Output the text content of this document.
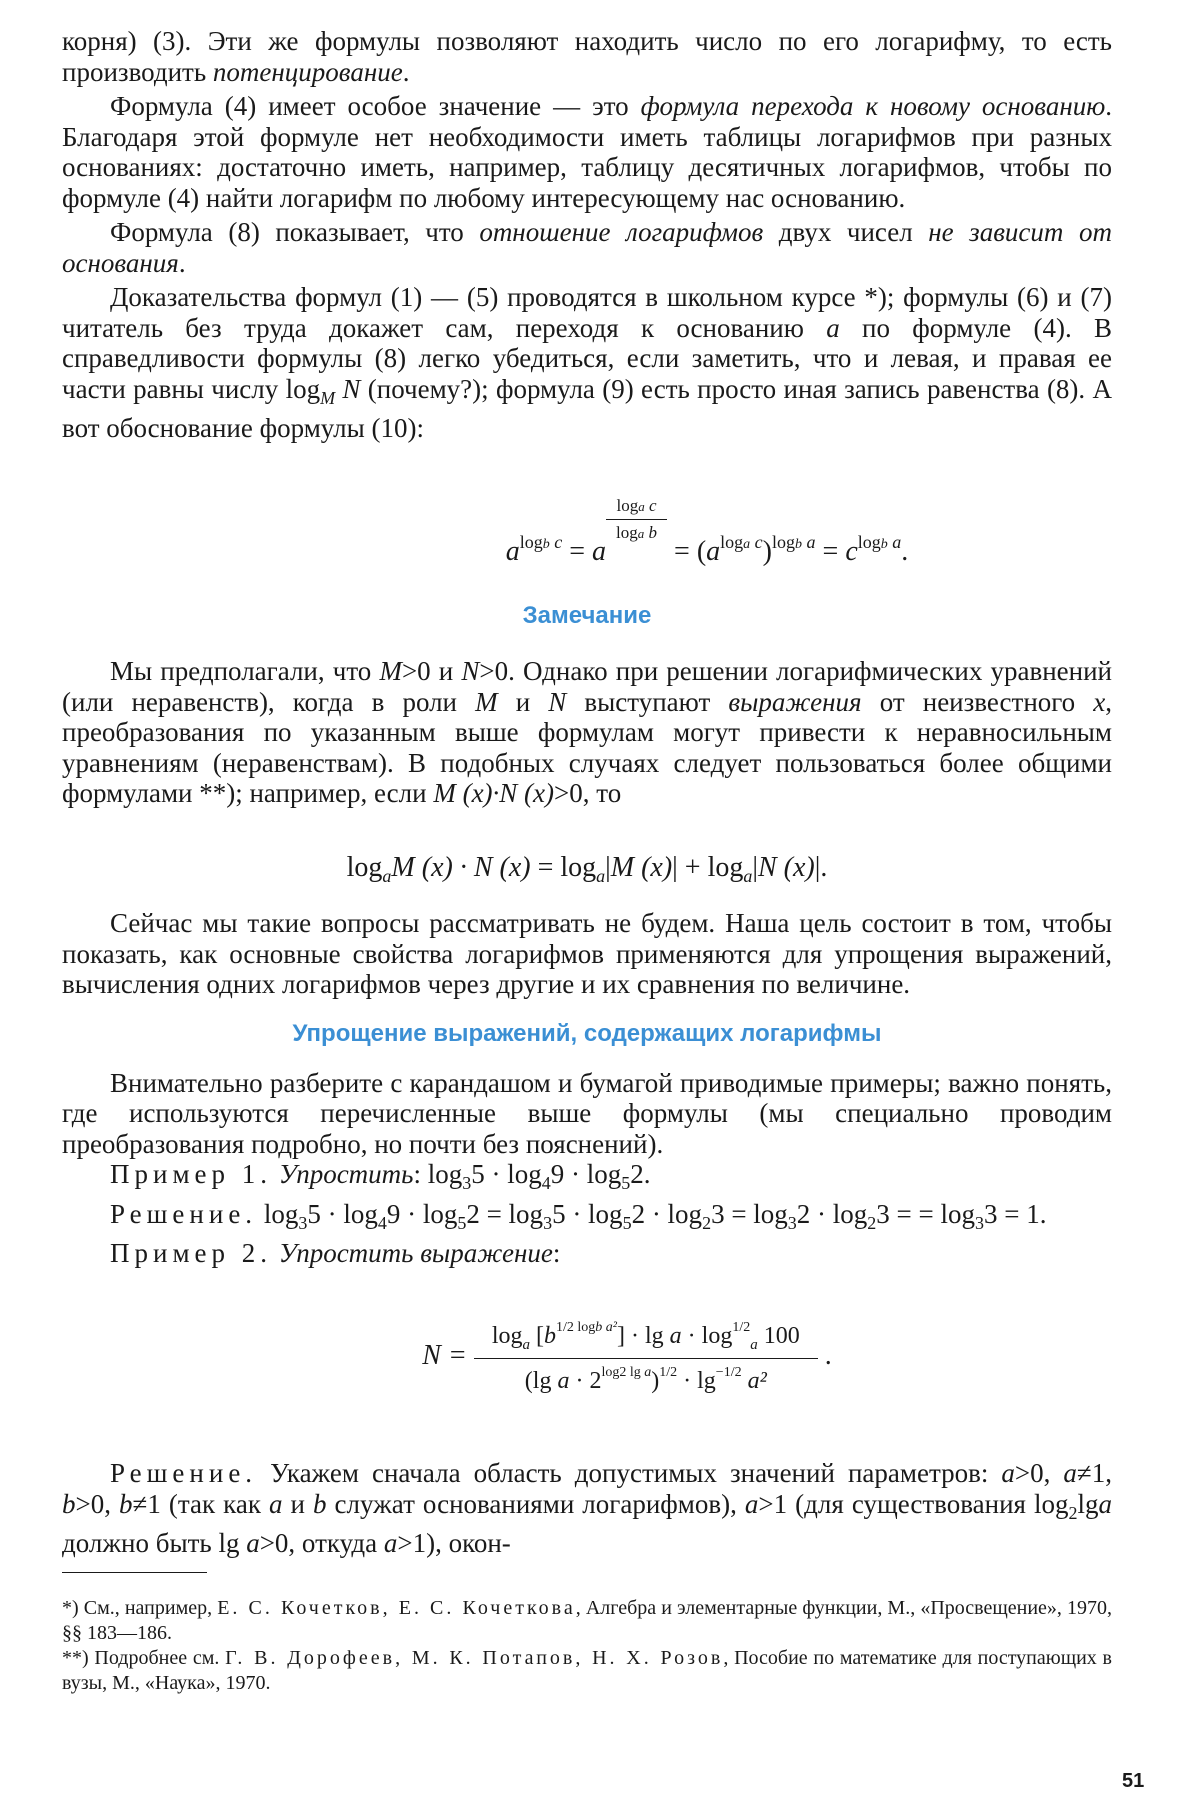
корня) (3). Эти же формулы позволяют находить число по его логарифму, то есть производить потенцирование.

Формула (4) имеет особое значение — это формула перехода к новому основанию. Благодаря этой формуле нет необходимости иметь таблицы логарифмов при разных основаниях: достаточно иметь, например, таблицу десятичных логарифмов, чтобы по формуле (4) найти логарифм по любому интересующему нас основанию.

Формула (8) показывает, что отношение логарифмов двух чисел не зависит от основания.

Доказательства формул (1) — (5) проводятся в школьном курсе *); формулы (6) и (7) читатель без труда докажет сам, переходя к основанию a по формуле (4). В справедливости формулы (8) легко убедиться, если заметить, что и левая, и правая ее части равны числу $\log_M N$ (почему?); формула (9) есть просто иная запись равенства (8). А вот обоснование формулы (10):

$a^{logb c} = a$
$\frac{\text{loga c}}{\text{loga b}}$
= $(a^{loga c})^{logb a} = c^{logb a}$.
Замечание

Мы предполагали, что M>0 и N>0. Однако при решении логарифмических уравнений (или неравенств), когда в роли M и N выступают выражения от неизвестного x, преобразования по указанным выше формулам могут привести к неравносильным уравнениям (неравенствам). В подобных случаях следует пользоваться более общими формулами **); например, если M (x)·N (x)>0, то

$\log_aM$ (x) · N $(x) = \log_a|M$ $(x)| + \log_a|N$ (x)|.

Сейчас мы такие вопросы рассматривать не будем. Наша цель состоит в том, чтобы показать, как основные свойства логарифмов применяются для упрощения выражений, вычисления одних логарифмов через другие и их сравнения по величине.

Упрощение выражений, содержащих логарифмы

Внимательно разберите с карандашом и бумагой приводимые примеры; важно понять, где используются перечисленные выше формулы (мы специально проводим преобразования подробно, но почти без пояснений).

Пример 1. Упростить: $\log_35 \cdot \log_49 \cdot \log_52$.

Решение. $\log_35 \cdot \log_49 \cdot \log_52 = \log_35 \cdot \log_52 \cdot \log_23 = \log_32 \cdot \log_23$ = = $\log_33 = 1$.

Пример 2. Упростить выражение:

$N = \frac{\log_a [b^{1/2 logb a^2}] \cdot \lg a \cdot \log^{1/2}_a 100}{(\lg a \cdot 2^{log2 lg a})^{1/2} \cdot \lg^{-1/2} a^2}$ .

Решение. Укажем сначала область допустимых значений параметров: a>0, a≠1, b>0, b≠1 (так как a и b служат основаниями логарифмов), a>1 (для существования $\log_2\lg a$ должно быть lg a>0, откуда a>1), окон-

*) См., например, Е. С. Кочетков, Е. С. Кочеткова, Алгебра и элементарные функции, М., «Просвещение», 1970, §§ 183—186.

**) Подробнее см. Г. В. Дорофеев, М. К. Потапов, Н. Х. Розов, Пособие по математике для поступающих в вузы, М., «Наука», 1970.

51
